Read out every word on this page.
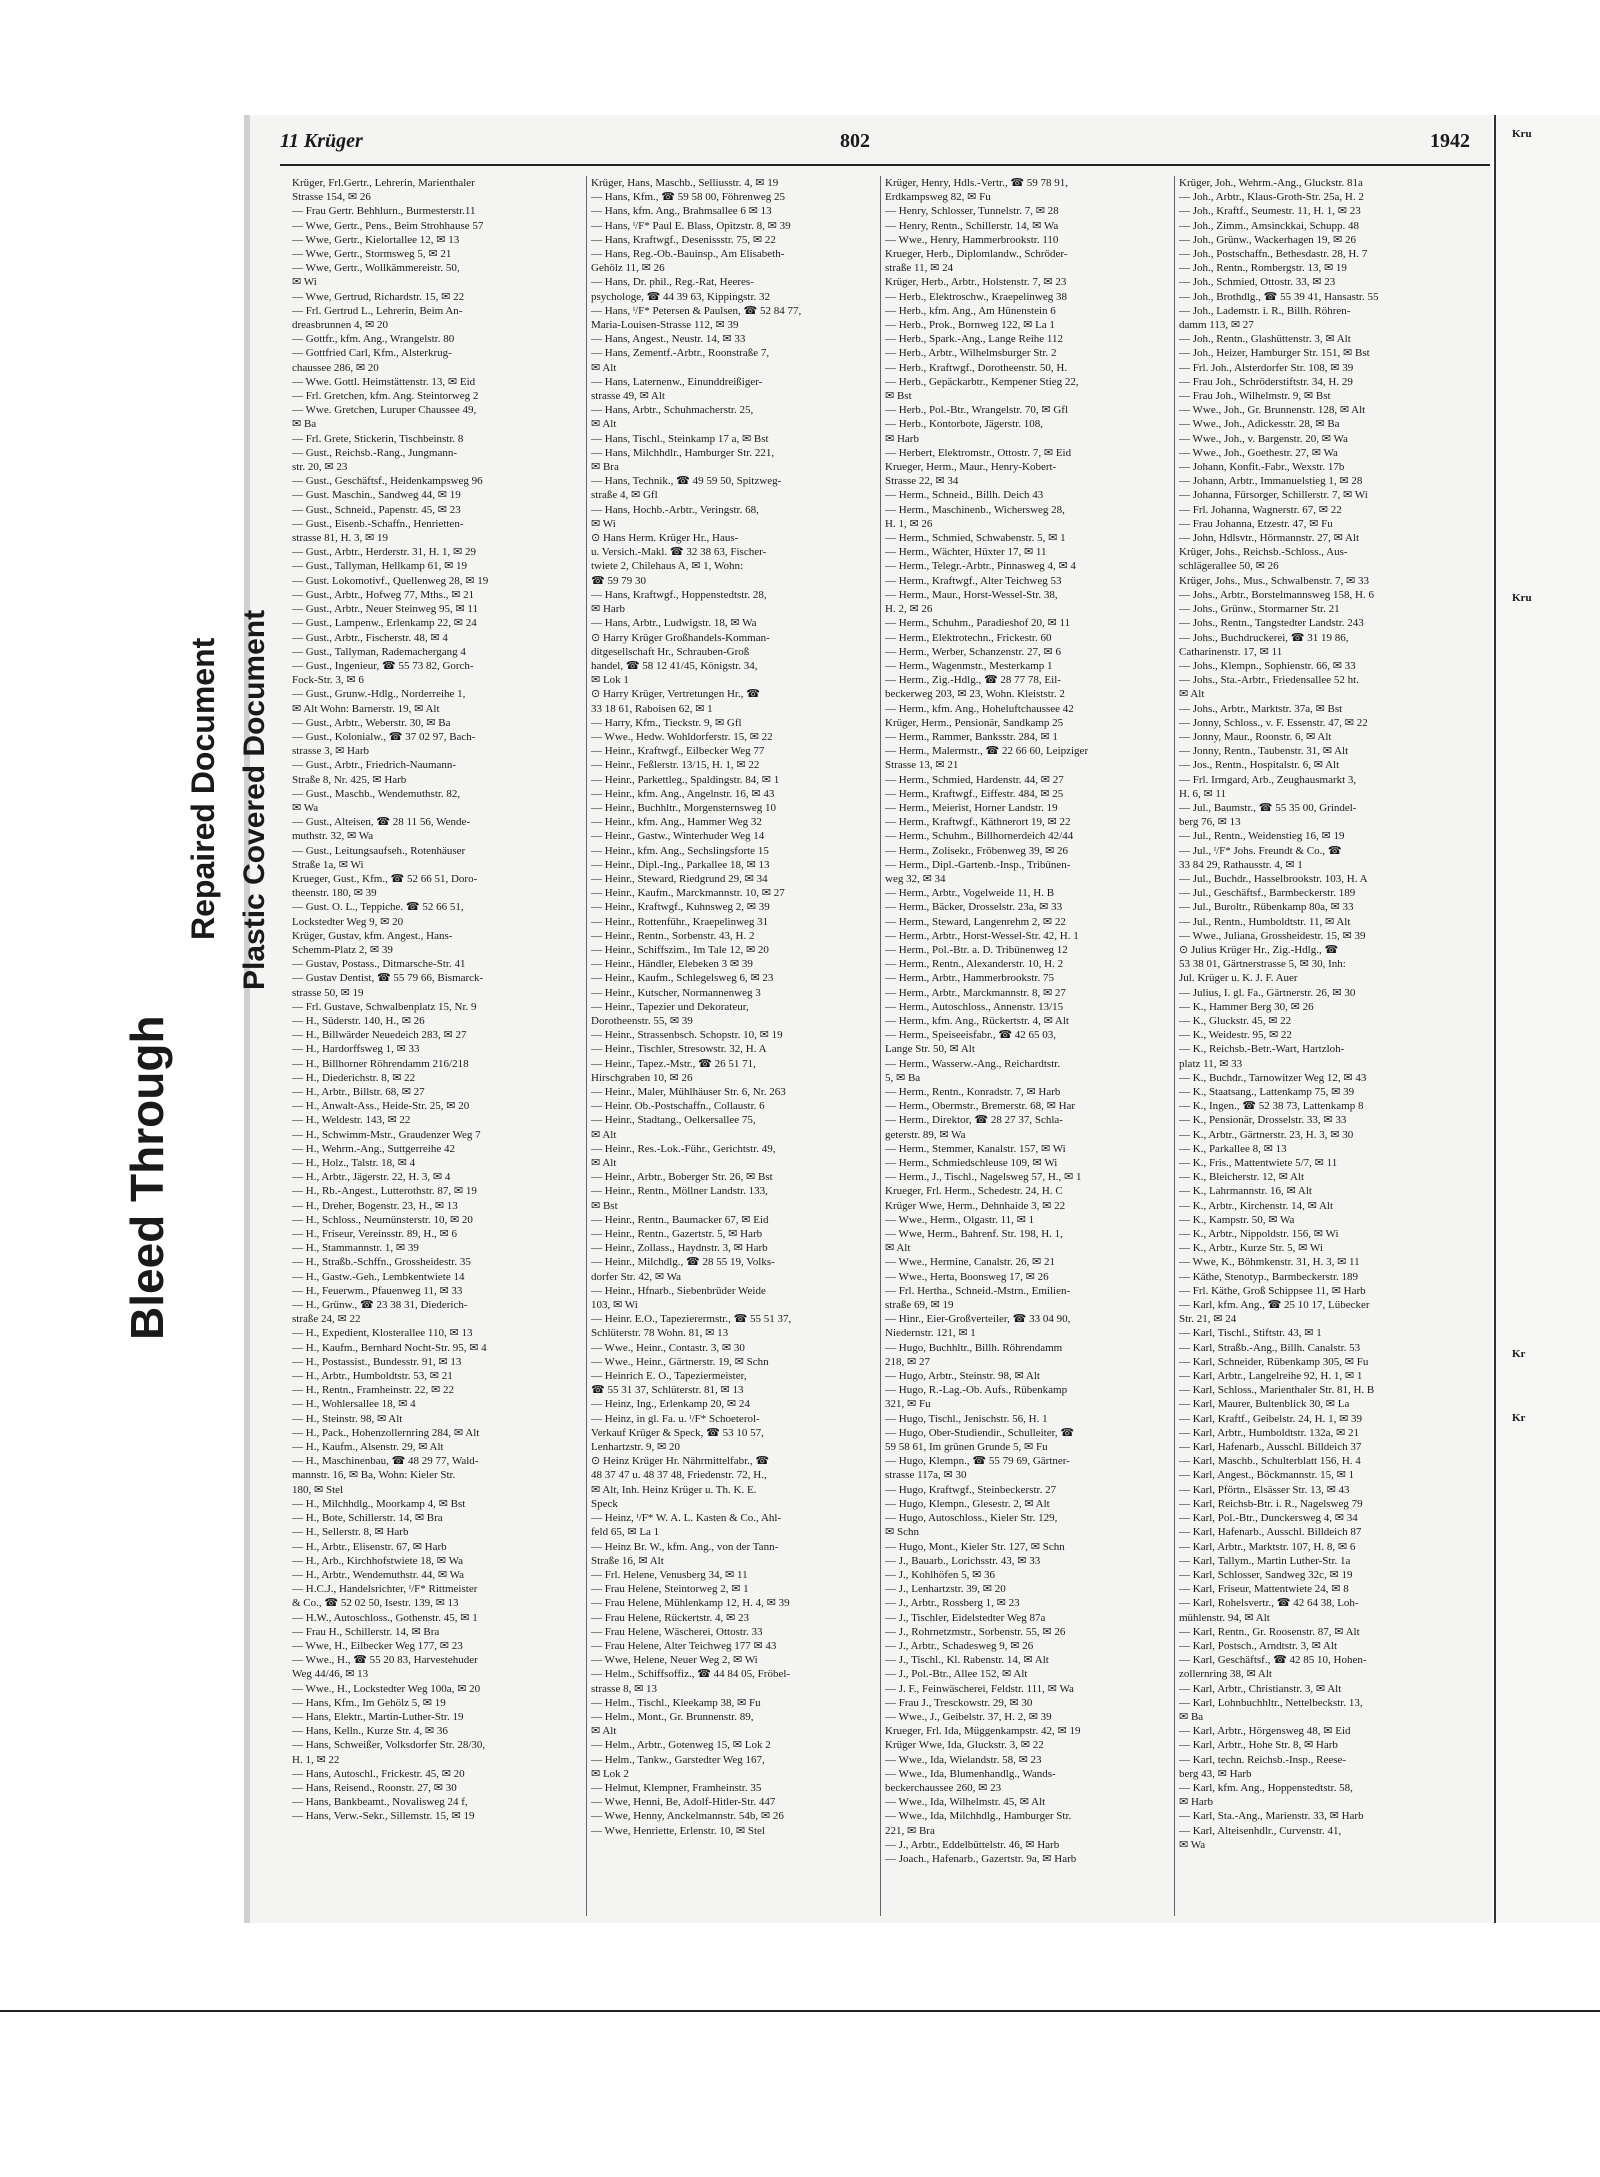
Kru
Kru
Kr
Kr
Bleed Through
Repaired Document Plastic Covered Document
11 Krüger	802	1942
Krüger, Frl.Gertr., Lehrerin, Marienthaler
Strasse 154, ✉ 26
— Frau Gertr. Behhlurn., Burmesterstr.11
— Wwe, Gertr., Pens., Beim Strohhause 57
— Wwe, Gertr., Kielortallee 12, ✉ 13
— Wwe, Gertr., Stormsweg 5, ✉ 21
— Wwe, Gertr., Wollkämmereistr. 50,
✉ Wi
— Wwe, Gertrud, Richardstr. 15, ✉ 22
— Frl. Gertrud L., Lehrerin, Beim An-
dreasbrunnen 4, ✉ 20
— Gottfr., kfm. Ang., Wrangelstr. 80
— Gottfried Carl, Kfm., Alsterkrug-
chaussee 286, ✉ 20
— Wwe. Gottl. Heimstättenstr. 13, ✉ Eid
— Frl. Gretchen, kfm. Ang. Steintorweg 2
— Wwe. Gretchen, Luruper Chaussee 49,
✉ Ba
— Frl. Grete, Stickerin, Tischbeinstr. 8
— Gust., Reichsb.-Rang., Jungmann-
str. 20, ✉ 23
— Gust., Geschäftsf., Heidenkampsweg 96
— Gust. Maschin., Sandweg 44, ✉ 19
— Gust., Schneid., Papenstr. 45, ✉ 23
— Gust., Eisenb.-Schaffn., Henrietten-
strasse 81, H. 3, ✉ 19
— Gust., Arbtr., Herderstr. 31, H. 1, ✉ 29
— Gust., Tallyman, Hellkamp 61, ✉ 19
— Gust. Lokomotivf., Quellenweg 28, ✉ 19
— Gust., Arbtr., Hofweg 77, Mths., ✉ 21
— Gust., Arbtr., Neuer Steinweg 95, ✉ 11
— Gust., Lampenw., Erlenkamp 22, ✉ 24
— Gust., Arbtr., Fischerstr. 48, ✉ 4
— Gust., Tallyman, Rademachergang 4
— Gust., Ingenieur, ☎ 55 73 82, Gorch-
Fock-Str. 3, ✉ 6
— Gust., Grunw.-Hdlg., Norderreihe 1,
✉ Alt Wohn: Barnerstr. 19, ✉ Alt
— Gust., Arbtr., Weberstr. 30, ✉ Ba
— Gust., Kolonialw., ☎ 37 02 97, Bach-
strasse 3, ✉ Harb
— Gust., Arbtr., Friedrich-Naumann-
Straße 8, Nr. 425, ✉ Harb
— Gust., Maschb., Wendemuthstr. 82,
✉ Wa
— Gust., Alteisen, ☎ 28 11 56, Wende-
muthstr. 32, ✉ Wa
— Gust., Leitungsaufseh., Rotenhäuser
Straße 1a, ✉ Wi
Krueger, Gust., Kfm., ☎ 52 66 51, Doro-
theenstr. 180, ✉ 39
— Gust. O. L., Teppiche. ☎ 52 66 51,
Lockstedter Weg 9, ✉ 20
Krüger, Gustav, kfm. Angest., Hans-
Schemm-Platz 2, ✉ 39
— Gustav, Postass., Ditmarsche-Str. 41
— Gustav Dentist, ☎ 55 79 66, Bismarck-
strasse 50, ✉ 19
— Frl. Gustave, Schwalbenplatz 15, Nr. 9
— H., Süderstr. 140, H., ✉ 26
— H., Billwärder Neuedeich 283, ✉ 27
— H., Hardorffsweg 1, ✉ 33
— H., Billhorner Röhrendamm 216/218
— H., Diederichstr. 8, ✉ 22
— H., Arbtr., Billstr. 68, ✉ 27
— H., Anwalt-Ass., Heide-Str. 25, ✉ 20
— H., Weldestr. 143, ✉ 22
— H., Schwimm-Mstr., Graudenzer Weg 7
— H., Wehrm.-Ang., Suttgerreihe 42
— H., Holz., Talstr. 18, ✉ 4
— H., Arbtr., Jägerstr. 22, H. 3, ✉ 4
— H., Rb.-Angest., Lutterothstr. 87, ✉ 19
— H., Dreher, Bogenstr. 23, H., ✉ 13
— H., Schloss., Neumünsterstr. 10, ✉ 20
— H., Friseur, Vereinsstr. 89, H., ✉ 6
— H., Stammannstr. 1, ✉ 39
— H., Straßb.-Schffn., Grossheidestr. 35
— H., Gastw.-Geh., Lembkentwiete 14
— H., Feuerwm., Pfauenweg 11, ✉ 33
— H., Grünw., ☎ 23 38 31, Diederich-
straße 24, ✉ 22
— H., Expedient, Klosterallee 110, ✉ 13
— H., Kaufm., Bernhard Nocht-Str. 95, ✉ 4
— H., Postassist., Bundesstr. 91, ✉ 13
— H., Arbtr., Humboldtstr. 53, ✉ 21
— H., Rentn., Framheinstr. 22, ✉ 22
— H., Wohlersallee 18, ✉ 4
— H., Steinstr. 98, ✉ Alt
— H., Pack., Hohenzollernring 284, ✉ Alt
— H., Kaufm., Alsenstr. 29, ✉ Alt
— H., Maschinenbau, ☎ 48 29 77, Wald-
mannstr. 16, ✉ Ba, Wohn: Kieler Str.
180, ✉ Stel
— H., Milchhdlg., Moorkamp 4, ✉ Bst
— H., Bote, Schillerstr. 14, ✉ Bra
— H., Sellerstr. 8, ✉ Harb
— H., Arbtr., Elisenstr. 67, ✉ Harb
— H., Arb., Kirchhofstwiete 18, ✉ Wa
— H., Arbtr., Wendemuthstr. 44, ✉ Wa
— H.C.J., Handelsrichter, ᴵ/F* Rittmeister
& Co., ☎ 52 02 50, Isestr. 139, ✉ 13
— H.W., Autoschloss., Gothenstr. 45, ✉ 1
— Frau H., Schillerstr. 14, ✉ Bra
— Wwe, H., Eilbecker Weg 177, ✉ 23
— Wwe., H., ☎ 55 20 83, Harvestehuder
Weg 44/46, ✉ 13
— Wwe., H., Lockstedter Weg 100a, ✉ 20
— Hans, Kfm., Im Gehölz 5, ✉ 19
— Hans, Elektr., Martin-Luther-Str. 19
— Hans, Kelln., Kurze Str. 4, ✉ 36
— Hans, Schweißer, Volksdorfer Str. 28/30,
H. 1, ✉ 22
— Hans, Autoschl., Frickestr. 45, ✉ 20
— Hans, Reisend., Roonstr. 27, ✉ 30
— Hans, Bankbeamt., Novalisweg 24 f,
— Hans, Verw.-Sekr., Sillemstr. 15, ✉ 19
Krüger, Hans, Maschb., Selliusstr. 4, ✉ 19
— Hans, Kfm., ☎ 59 58 00, Föhrenweg 25
— Hans, kfm. Ang., Brahmsallee 6 ✉ 13
— Hans, ᴵ/F* Paul E. Blass, Opitzstr. 8, ✉ 39
— Hans, Kraftwgf., Desenissstr. 75, ✉ 22
— Hans, Reg.-Ob.-Bauinsp., Am Elisabeth-
Gehölz 11, ✉ 26
— Hans, Dr. phil., Reg.-Rat, Heeres-
psychologe, ☎ 44 39 63, Kippingstr. 32
— Hans, ᴵ/F* Petersen & Paulsen, ☎ 52 84 77,
Maria-Louisen-Strasse 112, ✉ 39
— Hans, Angest., Neustr. 14, ✉ 33
— Hans, Zementf.-Arbtr., Roonstraße 7,
✉ Alt
— Hans, Laternenw., Einunddreißiger-
strasse 49, ✉ Alt
— Hans, Arbtr., Schuhmacherstr. 25,
✉ Alt
— Hans, Tischl., Steinkamp 17 a, ✉ Bst
— Hans, Milchhdlr., Hamburger Str. 221,
✉ Bra
— Hans, Technik., ☎ 49 59 50, Spitzweg-
straße 4, ✉ Gfl
— Hans, Hochb.-Arbtr., Veringstr. 68,
✉ Wi
⊙ Hans Herm. Krüger Hr., Haus-
u. Versich.-Makl. ☎ 32 38 63, Fischer-
twiete 2, Chilehaus A, ✉ 1, Wohn:
☎ 59 79 30
— Hans, Kraftwgf., Hoppenstedtstr. 28,
✉ Harb
— Hans, Arbtr., Ludwigstr. 18, ✉ Wa
⊙ Harry Krüger Großhandels-Komman-
ditgesellschaft Hr., Schrauben-Groß
handel, ☎ 58 12 41/45, Königstr. 34,
✉ Lok 1
⊙ Harry Krüger, Vertretungen Hr., ☎
33 18 61, Raboisen 62, ✉ 1
— Harry, Kfm., Tieckstr. 9, ✉ Gfl
— Wwe., Hedw. Wohldorferstr. 15, ✉ 22
— Heinr., Kraftwgf., Eilbecker Weg 77
— Heinr., Feßlerstr. 13/15, H. 1, ✉ 22
— Heinr., Parkettleg., Spaldingstr. 84, ✉ 1
— Heinr., kfm. Ang., Angelnstr. 16, ✉ 43
— Heinr., Buchhltr., Morgensternsweg 10
— Heinr., kfm. Ang., Hammer Weg 32
— Heinr., Gastw., Winterhuder Weg 14
— Heinr., kfm. Ang., Sechslingsforte 15
— Heinr., Dipl.-Ing., Parkallee 18, ✉ 13
— Heinr., Steward, Riedgrund 29, ✉ 34
— Heinr., Kaufm., Marckmannstr. 10, ✉ 27
— Heinr., Kraftwgf., Kuhnsweg 2, ✉ 39
— Heinr., Rottenführ., Kraepelinweg 31
— Heinr., Rentn., Sorbenstr. 43, H. 2
— Heinr., Schiffszim., Im Tale 12, ✉ 20
— Heinr., Händler, Elebeken 3 ✉ 39
— Heinr., Kaufm., Schlegelsweg 6, ✉ 23
— Heinr., Kutscher, Normannenweg 3
— Heinr., Tapezier und Dekorateur,
Dorotheenstr. 55, ✉ 39
— Heinr., Strassenbsch. Schopstr. 10, ✉ 19
— Heinr., Tischler, Stresowstr. 32, H. A
— Heinr., Tapez.-Mstr., ☎ 26 51 71,
Hirschgraben 10, ✉ 26
— Heinr., Maler, Mühlhäuser Str. 6, Nr. 263
— Heinr. Ob.-Postschaffn., Collaustr. 6
— Heinr., Stadtang., Oelkersallee 75,
✉ Alt
— Heinr., Res.-Lok.-Führ., Gerichtstr. 49,
✉ Alt
— Heinr., Arbtr., Boberger Str. 26, ✉ Bst
— Heinr., Rentn., Möllner Landstr. 133,
✉ Bst
— Heinr., Rentn., Baumacker 67, ✉ Eid
— Heinr., Rentn., Gazertstr. 5, ✉ Harb
— Heinr., Zollass., Haydnstr. 3, ✉ Harb
— Heinr., Milchdlg., ☎ 28 55 19, Volks-
dorfer Str. 42, ✉ Wa
— Heinr., Hfnarb., Siebenbrüder Weide
103, ✉ Wi
— Heinr. E.O., Tapezierermstr., ☎ 55 51 37,
Schlüterstr. 78 Wohn. 81, ✉ 13
— Wwe., Heinr., Contastr. 3, ✉ 30
— Wwe., Heinr., Gärtnerstr. 19, ✉ Schn
— Heinrich E. O., Tapeziermeister,
☎ 55 31 37, Schlüterstr. 81, ✉ 13
— Heinz, Ing., Erlenkamp 20, ✉ 24
— Heinz, in gl. Fa. u. ᴵ/F* Schoeterol-
Verkauf Krüger & Speck, ☎ 53 10 57,
Lenhartzstr. 9, ✉ 20
⊙ Heinz Krüger Hr. Nährmittelfabr., ☎
48 37 47 u. 48 37 48, Friedenstr. 72, H.,
✉ Alt, Inh. Heinz Krüger u. Th. K. E.
Speck
— Heinz, ᴵ/F* W. A. L. Kasten & Co., Ahl-
feld 65, ✉ La 1
— Heinz Br. W., kfm. Ang., von der Tann-
Straße 16, ✉ Alt
— Frl. Helene, Venusberg 34, ✉ 11
— Frau Helene, Steintorweg 2, ✉ 1
— Frau Helene, Mühlenkamp 12, H. 4, ✉ 39
— Frau Helene, Rückertstr. 4, ✉ 23
— Frau Helene, Wäscherei, Ottostr. 33
— Frau Helene, Alter Teichweg 177 ✉ 43
— Wwe, Helene, Neuer Weg 2, ✉ Wi
— Helm., Schiffsoffiz., ☎ 44 84 05, Fröbel-
strasse 8, ✉ 13
— Helm., Tischl., Kleekamp 38, ✉ Fu
— Helm., Mont., Gr. Brunnenstr. 89,
✉ Alt
— Helm., Arbtr., Gotenweg 15, ✉ Lok 2
— Helm., Tankw., Garstedter Weg 167,
✉ Lok 2
— Helmut, Klempner, Framheinstr. 35
— Wwe, Henni, Be, Adolf-Hitler-Str. 447
— Wwe, Henny, Anckelmannstr. 54b, ✉ 26
— Wwe, Henriette, Erlenstr. 10, ✉ Stel
Krüger, Henry, Hdls.-Vertr., ☎ 59 78 91,
Erdkampsweg 82, ✉ Fu
— Henry, Schlosser, Tunnelstr. 7, ✉ 28
— Henry, Rentn., Schillerstr. 14, ✉ Wa
— Wwe., Henry, Hammerbrookstr. 110
Krueger, Herb., Diplomlandw., Schröder-
straße 11, ✉ 24
Krüger, Herb., Arbtr., Holstenstr. 7, ✉ 23
— Herb., Elektroschw., Kraepelinweg 38
— Herb., kfm. Ang., Am Hünenstein 6
— Herb., Prok., Bornweg 122, ✉ La 1
— Herb., Spark.-Ang., Lange Reihe 112
— Herb., Arbtr., Wilhelmsburger Str. 2
— Herb., Kraftwgf., Dorotheenstr. 50, H.
— Herb., Gepäckarbtr., Kempener Stieg 22,
✉ Bst
— Herb., Pol.-Btr., Wrangelstr. 70, ✉ Gfl
— Herb., Kontorbote, Jägerstr. 108,
✉ Harb
— Herbert, Elektromstr., Ottostr. 7, ✉ Eid
Krueger, Herm., Maur., Henry-Kobert-
Strasse 22, ✉ 34
— Herm., Schneid., Billh. Deich 43
— Herm., Maschinenb., Wichersweg 28,
H. 1, ✉ 26
— Herm., Schmied, Schwabenstr. 5, ✉ 1
— Herm., Wächter, Hüxter 17, ✉ 11
— Herm., Telegr.-Arbtr., Pinnasweg 4, ✉ 4
— Herm., Kraftwgf., Alter Teichweg 53
— Herm., Maur., Horst-Wessel-Str. 38,
H. 2, ✉ 26
— Herm., Schuhm., Paradieshof 20, ✉ 11
— Herm., Elektrotechn., Frickestr. 60
— Herm., Werber, Schanzenstr. 27, ✉ 6
— Herm., Wagenmstr., Mesterkamp 1
— Herm., Zig.-Hdlg., ☎ 28 77 78, Eil-
beckerweg 203, ✉ 23, Wohn. Kleiststr. 2
— Herm., kfm. Ang., Hoheluftchaussee 42
Krüger, Herm., Pensionär, Sandkamp 25
— Herm., Rammer, Banksstr. 284, ✉ 1
— Herm., Malermstr., ☎ 22 66 60, Leipziger
Strasse 13, ✉ 21
— Herm., Schmied, Hardenstr. 44, ✉ 27
— Herm., Kraftwgf., Eiffestr. 484, ✉ 25
— Herm., Meierist, Horner Landstr. 19
— Herm., Kraftwgf., Käthnerort 19, ✉ 22
— Herm., Schuhm., Billhornerdeich 42/44
— Herm., Zolisekr., Fröbenweg 39, ✉ 26
— Herm., Dipl.-Gartenb.-Insp., Tribünen-
weg 32, ✉ 34
— Herm., Arbtr., Vogelweide 11, H. B
— Herm., Bäcker, Drosselstr. 23a, ✉ 33
— Herm., Steward, Langenrehm 2, ✉ 22
— Herm., Arbtr., Horst-Wessel-Str. 42, H. 1
— Herm., Pol.-Btr. a. D. Tribünenweg 12
— Herm., Rentn., Alexanderstr. 10, H. 2
— Herm., Arbtr., Hammerbrookstr. 75
— Herm., Arbtr., Marckmannstr. 8, ✉ 27
— Herm., Autoschloss., Annenstr. 13/15
— Herm., kfm. Ang., Rückertstr. 4, ✉ Alt
— Herm., Speiseeisfabr., ☎ 42 65 03,
Lange Str. 50, ✉ Alt
— Herm., Wasserw.-Ang., Reichardtstr.
5, ✉ Ba
— Herm., Rentn., Konradstr. 7, ✉ Harb
— Herm., Obermstr., Bremerstr. 68, ✉ Har
— Herm., Direktor, ☎ 28 27 37, Schla-
geterstr. 89, ✉ Wa
— Herm., Stemmer, Kanalstr. 157, ✉ Wi
— Herm., Schmiedschleuse 109, ✉ Wi
— Herm., J., Tischl., Nagelsweg 57, H., ✉ 1
Krueger, Frl. Herm., Schedestr. 24, H. C
Krüger Wwe, Herm., Dehnhaide 3, ✉ 22
— Wwe., Herm., Olgastr. 11, ✉ 1
— Wwe, Herm., Bahrenf. Str. 198, H. 1,
✉ Alt
— Wwe., Hermine, Canalstr. 26, ✉ 21
— Wwe., Herta, Boonsweg 17, ✉ 26
— Frl. Hertha., Schneid.-Mstrn., Emilien-
straße 69, ✉ 19
— Hinr., Eier-Großverteiler, ☎ 33 04 90,
Niedernstr. 121, ✉ 1
— Hugo, Buchhltr., Billh. Röhrendamm
218, ✉ 27
— Hugo, Arbtr., Steinstr. 98, ✉ Alt
— Hugo, R.-Lag.-Ob. Aufs., Rübenkamp
321, ✉ Fu
— Hugo, Tischl., Jenischstr. 56, H. 1
— Hugo, Ober-Studiendir., Schulleiter, ☎
59 58 61, Im grünen Grunde 5, ✉ Fu
— Hugo, Klempn., ☎ 55 79 69, Gärtner-
strasse 117a, ✉ 30
— Hugo, Kraftwgf., Steinbeckerstr. 27
— Hugo, Klempn., Glesestr. 2, ✉ Alt
— Hugo, Autoschloss., Kieler Str. 129,
✉ Schn
— Hugo, Mont., Kieler Str. 127, ✉ Schn
— J., Bauarb., Lorichsstr. 43, ✉ 33
— J., Kohlhöfen 5, ✉ 36
— J., Lenhartzstr. 39, ✉ 20
— J., Arbtr., Rossberg 1, ✉ 23
— J., Tischler, Eidelstedter Weg 87a
— J., Rohrnetzmstr., Sorbenstr. 55, ✉ 26
— J., Arbtr., Schadesweg 9, ✉ 26
— J., Tischl., Kl. Rabenstr. 14, ✉ Alt
— J., Pol.-Btr., Allee 152, ✉ Alt
— J. F., Feinwäscherei, Feldstr. 111, ✉ Wa
— Frau J., Tresckowstr. 29, ✉ 30
— Wwe., J., Geibelstr. 37, H. 2, ✉ 39
Krueger, Frl. Ida, Müggenkampstr. 42, ✉ 19
Krüger Wwe, Ida, Gluckstr. 3, ✉ 22
— Wwe., Ida, Wielandstr. 58, ✉ 23
— Wwe., Ida, Blumenhandlg., Wands-
beckerchaussee 260, ✉ 23
— Wwe., Ida, Wilhelmstr. 45, ✉ Alt
— Wwe., Ida, Milchhdlg., Hamburger Str.
221, ✉ Bra
— J., Arbtr., Eddelbüttelstr. 46, ✉ Harb
— Joach., Hafenarb., Gazertstr. 9a, ✉ Harb
Krüger, Joh., Wehrm.-Ang., Gluckstr. 81a
— Joh., Arbtr., Klaus-Groth-Str. 25a, H. 2
— Joh., Kraftf., Seumestr. 11, H. 1, ✉ 23
— Joh., Zimm., Amsinckkai, Schupp. 48
— Joh., Grünw., Wackerhagen 19, ✉ 26
— Joh., Postschaffn., Bethesdastr. 28, H. 7
— Joh., Rentn., Rombergstr. 13, ✉ 19
— Joh., Schmied, Ottostr. 33, ✉ 23
— Joh., Brothdlg., ☎ 55 39 41, Hansastr. 55
— Joh., Lademstr. i. R., Billh. Röhren-
damm 113, ✉ 27
— Joh., Rentn., Glashüttenstr. 3, ✉ Alt
— Joh., Heizer, Hamburger Str. 151, ✉ Bst
— Frl. Joh., Alsterdorfer Str. 108, ✉ 39
— Frau Joh., Schröderstiftstr. 34, H. 29
— Frau Joh., Wilhelmstr. 9, ✉ Bst
— Wwe., Joh., Gr. Brunnenstr. 128, ✉ Alt
— Wwe., Joh., Adickesstr. 28, ✉ Ba
— Wwe., Joh., v. Bargenstr. 20, ✉ Wa
— Wwe., Joh., Goethestr. 27, ✉ Wa
— Johann, Konfit.-Fabr., Wexstr. 17b
— Johann, Arbtr., Immanuelstieg 1, ✉ 28
— Johanna, Fürsorger, Schillerstr. 7, ✉ Wi
— Frl. Johanna, Wagnerstr. 67, ✉ 22
— Frau Johanna, Etzestr. 47, ✉ Fu
— John, Hdlsvtr., Hörmannstr. 27, ✉ Alt
Krüger, Johs., Reichsb.-Schloss., Aus-
schlägerallee 50, ✉ 26
Krüger, Johs., Mus., Schwalbenstr. 7, ✉ 33
— Johs., Arbtr., Borstelmannsweg 158, H. 6
— Johs., Grünw., Stormarner Str. 21
— Johs., Rentn., Tangstedter Landstr. 243
— Johs., Buchdruckerei, ☎ 31 19 86,
Catharinenstr. 17, ✉ 11
— Johs., Klempn., Sophienstr. 66, ✉ 33
— Johs., Sta.-Arbtr., Friedensallee 52 ht.
✉ Alt
— Johs., Arbtr., Marktstr. 37a, ✉ Bst
— Jonny, Schloss., v. F. Essenstr. 47, ✉ 22
— Jonny, Maur., Roonstr. 6, ✉ Alt
— Jonny, Rentn., Taubenstr. 31, ✉ Alt
— Jos., Rentn., Hospitalstr. 6, ✉ Alt
— Frl. Irmgard, Arb., Zeughausmarkt 3,
H. 6, ✉ 11
— Jul., Baumstr., ☎ 55 35 00, Grindel-
berg 76, ✉ 13
— Jul., Rentn., Weidenstieg 16, ✉ 19
— Jul., ᴵ/F* Johs. Freundt & Co., ☎
33 84 29, Rathausstr. 4, ✉ 1
— Jul., Buchdr., Hasselbrookstr. 103, H. A
— Jul., Geschäftsf., Barmbeckerstr. 189
— Jul., Buroltr., Rübenkamp 80a, ✉ 33
— Jul., Rentn., Humboldtstr. 11, ✉ Alt
— Wwe., Juliana, Grossheidestr. 15, ✉ 39
⊙ Julius Krüger Hr., Zig.-Hdlg., ☎
53 38 01, Gärtnerstrasse 5, ✉ 30, Inh:
Jul. Krüger u. K. J. F. Auer
— Julius, I. gl. Fa., Gärtnerstr. 26, ✉ 30
— K., Hammer Berg 30, ✉ 26
— K., Gluckstr. 45, ✉ 22
— K., Weidestr. 95, ✉ 22
— K., Reichsb.-Betr.-Wart, Hartzloh-
platz 11, ✉ 33
— K., Buchdr., Tarnowitzer Weg 12, ✉ 43
— K., Staatsang., Lattenkamp 75, ✉ 39
— K., Ingen., ☎ 52 38 73, Lattenkamp 8
— K., Pensionär, Drosselstr. 33, ✉ 33
— K., Arbtr., Gärtnerstr. 23, H. 3, ✉ 30
— K., Parkallee 8, ✉ 13
— K., Fris., Mattentwiete 5/7, ✉ 11
— K., Bleicherstr. 12, ✉ Alt
— K., Lahrmannstr. 16, ✉ Alt
— K., Arbtr., Kirchenstr. 14, ✉ Alt
— K., Kampstr. 50, ✉ Wa
— K., Arbtr., Nippoldstr. 156, ✉ Wi
— K., Arbtr., Kurze Str. 5, ✉ Wi
— Wwe, K., Böhmkenstr. 31, H. 3, ✉ 11
— Käthe, Stenotyp., Barmbeckerstr. 189
— Frl. Käthe, Groß Schippsee 11, ✉ Harb
— Karl, kfm. Ang., ☎ 25 10 17, Lübecker
Str. 21, ✉ 24
— Karl, Tischl., Stiftstr. 43, ✉ 1
— Karl, Straßb.-Ang., Billh. Canalstr. 53
— Karl, Schneider, Rübenkamp 305, ✉ Fu
— Karl, Arbtr., Langelreihe 92, H. 1, ✉ 1
— Karl, Schloss., Marienthaler Str. 81, H. B
— Karl, Maurer, Bultenblick 30, ✉ La
— Karl, Kraftf., Geibelstr. 24, H. 1, ✉ 39
— Karl, Arbtr., Humboldtstr. 132a, ✉ 21
— Karl, Hafenarb., Ausschl. Billdeich 37
— Karl, Maschb., Schulterblatt 156, H. 4
— Karl, Angest., Böckmannstr. 15, ✉ 1
— Karl, Pförtn., Elsässer Str. 13, ✉ 43
— Karl, Reichsb-Btr. i. R., Nagelsweg 79
— Karl, Pol.-Btr., Dunckersweg 4, ✉ 34
— Karl, Hafenarb., Ausschl. Billdeich 87
— Karl, Arbtr., Marktstr. 107, H. 8, ✉ 6
— Karl, Tallym., Martin Luther-Str. 1a
— Karl, Schlosser, Sandweg 32c, ✉ 19
— Karl, Friseur, Mattentwiete 24, ✉ 8
— Karl, Rohelsvertr., ☎ 42 64 38, Loh-
mühlenstr. 94, ✉ Alt
— Karl, Rentn., Gr. Roosenstr. 87, ✉ Alt
— Karl, Postsch., Arndtstr. 3, ✉ Alt
— Karl, Geschäftsf., ☎ 42 85 10, Hohen-
zollernring 38, ✉ Alt
— Karl, Arbtr., Christianstr. 3, ✉ Alt
— Karl, Lohnbuchhltr., Nettelbeckstr. 13,
✉ Ba
— Karl, Arbtr., Hörgensweg 48, ✉ Eid
— Karl, Arbtr., Hohe Str. 8, ✉ Harb
— Karl, techn. Reichsb.-Insp., Reese-
berg 43, ✉ Harb
— Karl, kfm. Ang., Hoppenstedtstr. 58,
✉ Harb
— Karl, Sta.-Ang., Marienstr. 33, ✉ Harb
— Karl, Alteisenhdlr., Curvenstr. 41,
✉ Wa
